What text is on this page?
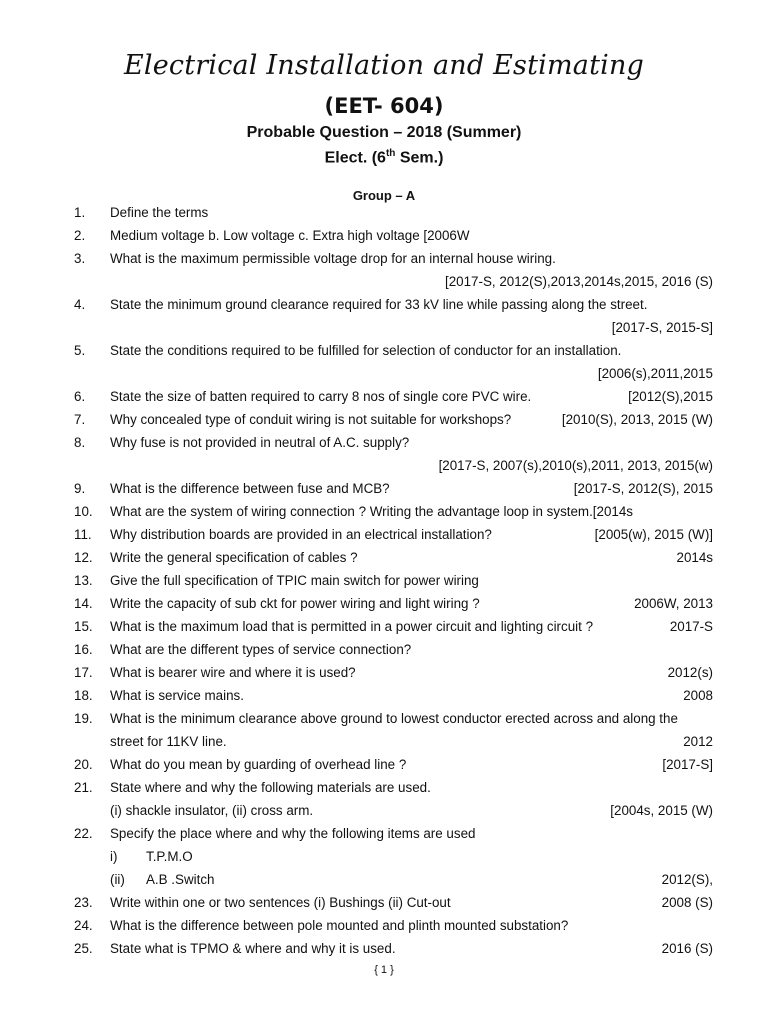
Electrical Installation and Estimating
(EET- 604)
Probable Question – 2018 (Summer)
Elect. (6th Sem.)
Group – A
1. Define the terms
2. Medium voltage b. Low voltage c. Extra high voltage [2006W
3. What is the maximum permissible voltage drop for an internal house wiring.
[2017-S, 2012(S),2013,2014s,2015, 2016 (S)
4. State the minimum ground clearance required for 33 kV line while passing along the street.
[2017-S, 2015-S]
5. State the conditions required to be fulfilled for selection of conductor for an installation.
[2006(s),2011,2015
6. State the size of batten required to carry 8 nos of single core PVC wire.	[2012(S),2015
7. Why concealed type of conduit wiring is not suitable for workshops?	[2010(S), 2013, 2015 (W)
8. Why fuse is not provided in neutral of A.C. supply?
[2017-S, 2007(s),2010(s),2011, 2013, 2015(w)
9. What is the difference between fuse and MCB?	[2017-S, 2012(S), 2015
10. What are the system of wiring connection ? Writing the advantage loop in system.[2014s
11. Why distribution boards are provided in an electrical installation?	[2005(w), 2015 (W)]
12. Write the general specification of cables ?	2014s
13. Give the full specification of TPIC main switch for power wiring
14. Write the capacity of sub ckt for power wiring and light wiring ?	2006W, 2013
15. What is the maximum load that is permitted in a power circuit and lighting circuit ?	2017-S
16. What are the different types of service connection?
17. What is bearer wire and where it is used?	2012(s)
18. What is service mains.	2008
19. What is the minimum clearance above ground to lowest conductor erected across and along the
street for 11KV line.	2012
20. What do you mean by guarding of overhead line ?	[2017-S]
21. State where and why the following materials are used.
(i) shackle insulator, (ii) cross arm.	[2004s, 2015 (W)
22. Specify the place where and why the following items are used
i) T.P.M.O
(ii) A.B .Switch	2012(S),
23. Write within one or two sentences (i) Bushings (ii) Cut-out	2008 (S)
24. What is the difference between pole mounted and plinth mounted substation?
25. State what is TPMO & where and why it is used.	2016 (S)
{ 1 }
